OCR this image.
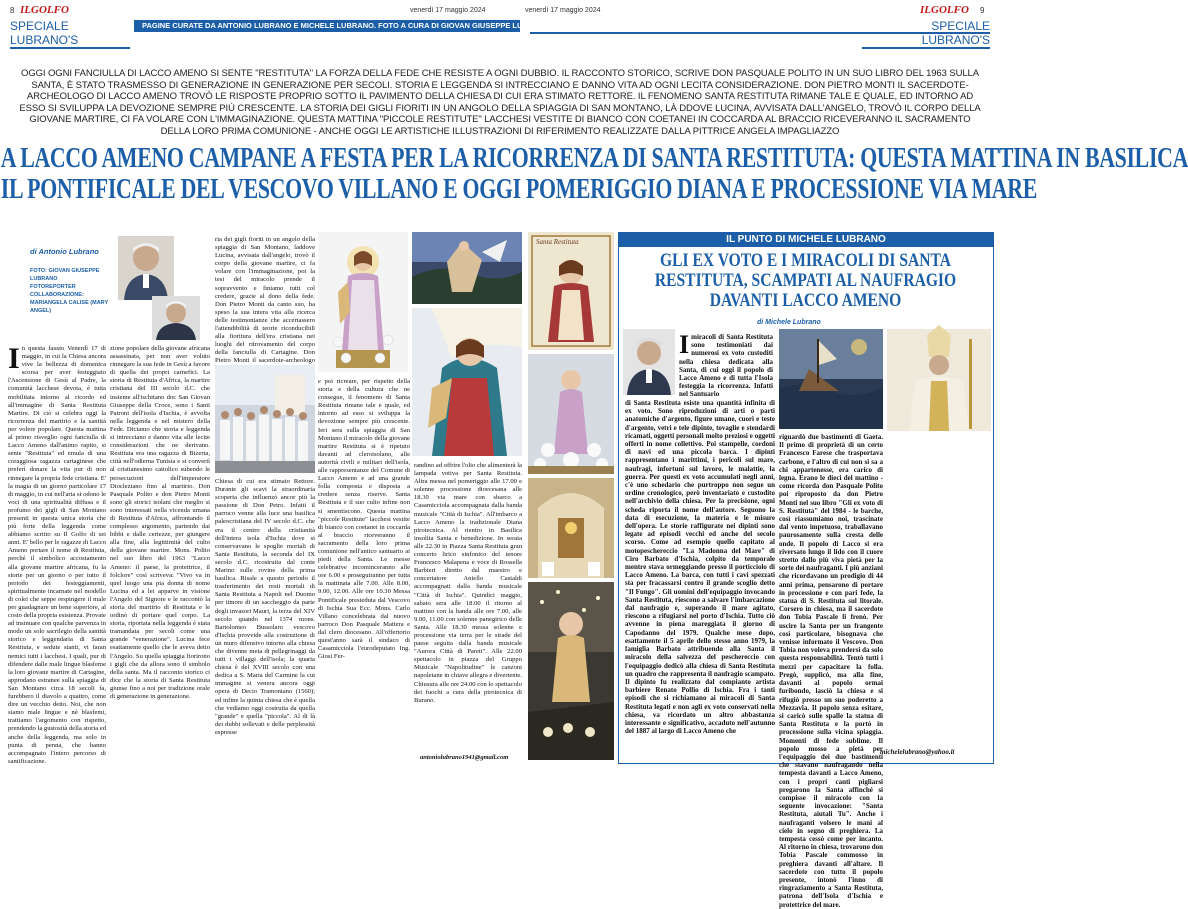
8 ILGOLFO	venerdì 17 maggio 2024
SPECIALE LUBRANO'S
PAGINE CURATE DA ANTONIO LUBRANO E MICHELE LUBRANO. FOTO A CURA DI GIOVAN GIUSEPPE LUBRANO
venerdì 17 maggio 2024	ILGOLFO 9
SPECIALE LUBRANO'S
OGGI OGNI FANCIULLA DI LACCO AMENO SI SENTE "RESTITUTA" LA FORZA DELLA FEDE CHE RESISTE A OGNI DUBBIO. IL RACCONTO STORICO, SCRIVE DON PASQUALE POLITO IN UN SUO LIBRO DEL 1963 SULLA SANTA, È STATO TRASMESSO DI GENERAZIONE IN GENERAZIONE PER SECOLI. STORIA E LEGGENDA SI INTRECCIANO E DANNO VITA AD OGNI LECITA CONSIDERAZIONE. DON PIETRO MONTI IL SACERDOTE-ARCHEOLOGO DI LACCO AMENO TROVÒ LE RISPOSTE PROPRIO SOTTO IL PAVIMENTO DELLA CHIESA DI CUI ERA STIMATO RETTORE. IL FENOMENO SANTA RESTITUTA RIMANE TALE E QUALE, ED INTORNO AD ESSO SI SVILUPPA LA DEVOZIONE SEMPRE PIÙ CRESCENTE. LA STORIA DEI GIGLI FIORITI IN UN ANGOLO DELLA SPIAGGIA DI SAN MONTANO, LÀ DDOVE LUCINA, AVVISATA DALL'ANGELO, TROVÒ IL CORPO DELLA GIOVANE MARTIRE, CI FA VOLARE CON L'IMMAGINAZIONE. QUESTA MATTINA "PICCOLE RESTITUTE" LACCHESI VESTITE DI BIANCO CON COETANEI IN COCCARDA AL BRACCIO RICEVERANNO IL SACRAMENTO DELLA LORO PRIMA COMUNIONE - ANCHE OGGI LE ARTISTICHE ILLUSTRAZIONI DI RIFERIMENTO REALIZZATE DALLA PITTRICE ANGELA IMPAGLIAZZO
A LACCO AMENO CAMPANE A FESTA PER LA RICORRENZA DI SANTA RESTITUTA: QUESTA MATTINA IN BASILICA
IL PONTIFICALE DEL VESCOVO VILLANO E OGGI POMERIGGIO DIANA E PROCESSIONE VIA MARE
di Antonio Lubrano
FOTO: GIOVAN GIUSEPPE LUBRANO
FOTOREPORTER
COLLABORAZIONE:
MARIANGELA CALISE (MARY ANGEL)
In questa fausto Venerdì 17 di maggio, in cui la Chiesa ancora vive la bellezza di domenica scorsa per aver festeggiato l'Ascensione di Gesù al Padre, la comunità lacchese devota, è tutta mobilitata intorno al ricordo ed all'immagine di Santa Restituta Martire. Di ciò si celebra oggi la ricorrenza del martirio e la santità per volere popolare. Questa mattina al primo risveglio ogni fanciulla di Lacco Ameno dall'animo rapito, si sente "Restituta" ed emula di una coraggiosa ragazza cartaginese che preferì donare la vita pur di non rinnegare la propria fede cristiana. E' la magia di un giorno particolare 17 di maggio, in cui nell'aria si odono le voci di una spiritualità diffusa e il profumo dei gigli di San Montano presenti in questa unica storia che più forte della leggenda come abbiamo scritto su Il Golfo di sei anni. E' bello per le ragazze di Lacco Ameno portare il nome di Restituta, perché il simbolico accostamento alla giovane martire africana, fu la storie per un giorno o per tutto il periodo dei festeggiamenti, spiritualmente incarnate nel modello di colei che seppe respingere il male per guadagnare un bene superiore, al costo della propria esistenza. Provate ad insinuare con qualche parvenza in modo un solo sacrilegio della santità storico e leggendaria di Santa Restituta, e sedute stanti, vi faran nemici tutti i lacchesi. I quali, pur di difendere dalle male lingue blasfeme la loro giovane martire di Cartagine, approdano estranee sulla spiaggia di San Montano circa 18 secoli fa, furebbero il diavolo a quattro, come dire un vecchio detto. Noi, che non siamo male lingue e né blasfemi, trattiamo l'argomento con rispetto, prendendo la gustosità della storia ed anche della leggenda, ma solo in punta di penna, che hanno accompagnato l'intero percorso di santificazione.
zione popolare della giovane africana assassinata, per non aver voluto rinnegare la sua fede in Gesù a favore di quella dei propri carnefici. La storia di Restituta d'Africa, la martire cristiana del III secolo d.C. che insieme all'ischitano doc San Giovan Giuseppe della Croce, sono i Santi Patroni dell'isola d'Ischia, è avvolta nella leggenda e nel mistero della Fede. Diciamo che storia e leggenda si intrecciano e danno vita alle lecite considerazioni che ne derivano. Restituta era una ragazza di Bizerta, città nell'odierna Tunisia e si convertì al cristianesimo cattolico subendo le persecuzioni dell'imperatore Diocleziano fino al martirio. Don Pasquale Polito e don Pietro Monti sono gli storici isolani che meglio si sono interessati nella vicenda umana di Restituta d'Africa, affrontando il complesso argomento, partendo dai bibbi e dalle certezze, per giungere alla fine, alla legittimità del culto della giovane martire. Mons. Polito nel suo libro del 1963 "Lacco Ameno: il paese, la protettrice, il folclore" così scriveva: "Vivo va in quel luogo una pia donna di nome Lucina ed a lei apparve in visione l'Angelo del Signore e le raccontò la storia del martirio di Restituta e le ordinò di portare quel corpo. La storia, riportata nella leggenda è stata tramandata per secoli come una grande "venerazione". Lucina fece esattamente quello che le aveva detto l'Angelo. Su quella spiaggia fiorirono i gigli che da allora sono il simbolo della santa. Ma il racconto storico ci dice che la storia di Santa Restituta giunse fino a noi per tradizione orale di generazione in generazione.
ria dei gigli fioriti in un angolo della spiaggia di San Montano, laddove Lucina, avvisata dall'angelo, trovò il corpo della giovane martire, ci fa volare con l'immaginazione, poi la tesi del miracolo prende il sopravvento e finiamo tutti col credere, grazie al dono della fede. Don Pietro Monti da canto suo, ha speso la sua intera vita alla ricerca delle testimonianze che accertassero l'attendibilità di teorie riconducibili alla fioritura dell'era cristiana nei luoghi del ritrovamento del corpo della fanciulla di Cartagine. Don Pietro Monti il sacerdote-archeologo
Chiesa di cui era stimato Rettore. Durante gli scavi la straordinaria scoperta che influenzò ancor più la passione di Don Petro. Infatti il parroco venne alla luce una basilica paleocristiana del IV secolo d.C. che era il centro della cristianità dell'intera isola d'Ischia dove si conservavano le spoglie mortali di Santa Restituta, la seconda del IX secolo d.C. ricostruita dal conte Marino sulle rovine della prima basilica. Risale a questo periodo il trasferimento dei resti mortali di Santa Restituta a Napoli nel Duomo per timore di un saccheggio da parte degli invasori Mauri, la terza del XIV secolo quando nel 1374 mons. Bartolomeo Bussolaro vescovo d'Ischia provvide alla costruzione di un muro difensivo intorno alla chiesa che divenne meta di pellegrinaggi da tutti i villaggi dell'isola; la quarta chiesa è del XVIII secolo con una dedica a S. Maria del Carmine la cui immagine si venera ancora oggi opera di Decio Tramontano (1560); ed infine la quinta chiesa che è quella che vediamo oggi costruita da quella "grande" e quella "piccola". Al di là dei dubbi sollevati e delle perplessità espresse
e poi ricreare, per rispetto della storia e della cultura che ne consegue, il fenomeno di Santa Restituta rimane tale e quale, ed intorno ad esso si sviluppa la devozione sempre più crescente. Ieri sera sulla spiaggia di San Montano il miracolo della giovane martire Restituta si è ripetuto davanti ad cleroisolano, alle autorità civili e militari dell'isola, alle rappresentanze del Comune di Lacco Ameno e ad una grande folla composta e disposta a credere senza riserve. Santa Restituta e il suo culto infine non si smentiscono. Questa mattina "piccole Restitute" lacchesi vestite di bianco con coetanei in coccarda al braccio riceveranno il sacramento della loro prima comunione nell'antico santuario ai piedi della Santa. Le messe celebrative incominceranno alle ore 6.00 e proseguiranno per tutta la mattinata alle 7.00. Alle 8.00, 9.00, 12.00. Alle ore 10.30 Messa Pontificale presieduta dal Vescovo di Ischia Sua Ecc. Mons. Carlo Villano concelebrata dal nuovo parroco Don Pasquale Mattera e dal clero diocesano. All'offertorio quest'anno sarà il sindaco di Casamicciola l'eurodeputato Ing. Giosi Fer-
randino ad offrire l'olio che alimenterà la lampada votiva per Santa Restituta. Altra messa nel pomeriggio alle 17.00 e solenne processione dioecesana alle 18.30 via mare con sbarco a Casamicciola accompagnata dalla banda musicale "Città di Ischia". All'imbarco a Lacco Ameno la tradizionale Diana pirotecnica. Al rientro in Basilica insolita Santa e benedizione. In serata alle 22.30 in Piazza Santa Restituta gran concerto lirico sinfonico del tenore Francesco Malapena e voce di Rossella Barbieri diretto dal maestro e concertatore Aniello Castaldi accompagnati dalla banda musicale "Città di Ischia". Quindici maggio, sabato sera alle 18.00 il ritorno al mattino con la banda alle ore 7.00, alle 9.00, 11.00 con solenne panegirico delle Santa. Alle 18.30 messa solenne e processione via terra per le strade del paese seguita dalla banda musicale "Aurora Città di Pareti". Alle 22.00 spettacolo in piazza del Gruppo Musicale "Napolitudine" le canzoni napoletane in chiave allegra e divertente. Chiusura alle ore 24.00 con lo spettacolo dei fuochi a cura della pirotecnica di Burano.
antoniolubrano1941@gmail.com
Santa Restituta	IL PUNTO DI MICHELE LUBRANO
GLI EX VOTO E I MIRACOLI DI SANTA
RESTITUTA, SCAMPATI AL NAUFRAGIO
DAVANTI LACCO AMENO
di Michele Lubrano
Imiracoli di Santa Restituta sono testimoniati dai numerosi ex voto custoditi nella chiesa dedicata alla Santa, di cui oggi il popolo di Lacco Ameno e di tutta l'Isola festeggia la ricorrenza. Infatti nel Santuario
di Santa Restituta esiste una quantità infinita di ex voto. Sono riproduzioni di arti o parti anatomiche d'argento, figure umane, cuori e teste d'argento, vetri e tele dipinte, tovaglie e stendardi ricamati, oggetti personali molto preziosi e oggetti offerti in nome collettivo. Poi stampelle, cordoni di navi ed una piccola barca. I dipinti rappresentano i marittimi, i pericoli sul mare, naufragi, infortuni sul lavoro, le malattie, la guerra. Per questi ex voto accumulati negli anni, c'è uno schedario che purtroppo non segue un ordine cronologico, però inventariato e custodito nell'archivio della chiesa. Per la precisione, ogni scheda riporta il nome dell'autore. Seguono la data di esecuzione, la materia e le misure dell'opera. Le storie raffigurate nei dipinti sono legate ad episodi vecchi ed anche del secolo scorso. Come ad esempio quello capitato al motopeschereccio "La Madonna del Mare" di Ciro Barbato d'Ischia, colpito da temporale mentre stava ormeggiando presso il porticciolo di Lacco Ameno. La barca, con tutti i cavi spezzati sta per fracassarsi contro il grande scoglio detto "Il Fungo". Gli uomini dell'equipaggio invocando Santa Restituta, riescono a salvare l'imbarcazione dal naufragio e, superando il mare agitato, riescono a rifugiarsi nel porto d'Ischia. Tutto ciò avvenne in piena mareggiata il giorno di Capodanno del 1979. Qualche mese dopo, esattamente il 5 aprile dello stesso anno 1979, la famiglia Barbato attribuendo alla Santa il miracolo della salvezza del peschereccio con l'equipaggio dedicò alla chiesa di Santa Restituta un quadro che rappresenta il naufragio scampato. Il dipinto fu realizzato dal compianto artista barbiere Renato Pollio di Ischia. Fra i tanti episodi che si richiamano ai miracoli di Santa Restituta legati e non agli ex voto conservati nella chiesa, va ricordato un altro abbastanza interessante e significativo, accaduto nell'autunno del 1887 al largo di Lacco Ameno che
riguardò due bastimenti di Gaeta. Il primo di proprietà di un certo Francesco Farese che trasportava carbone, e l'altro di cui non si sa a chi appartenesse, era carico di legna. Erano le dieci del mattino - come ricorda don Pasquale Polito poi riproposto da don Pietro Monti nel suo libro "Gli ex voto di S. Restituta" del 1984 - le barche, così riassumiamo noi, trascinate dal vento impetuoso, traballavano paurosamente sulla cresta delle onde. Il popolo di Lacco si era riversato lungo il lido con il cuore stretto dallo più viva pietà per la sorte dei naufraganti. I più anziani che ricordavano un prodigio di 44 anni prima, pensarono di portare in processione e con pari fede, la statua di S. Restituta sul litorale. Corsero in chiesa, ma il sacerdote don Tobia Pascale li frenò. Per uscire la Santa per un frangente così particolare, bisognava che venisse informato il Vescovo. Don Tobia non voleva prendersi da solo questa responsabilità. Tentò tutti i mezzi per capacitare la folla. Pregò, supplicò, ma alla fine, davanti al popolo ormai furibondo, lasciò la chiesa e si rifugiò presso un suo poderetto a Mezzavia. Il popolo senza esitare, si caricò sulle spalle la statua di Santa Restituta e la portò in processione sulla vicina spiaggia. Momenti di fede sublime. Il popolo mosso a pietà per l'equipaggio dei due bastimenti che stavano naufragando nella tempesta davanti a Lacco Ameno, con i propri canti pigliarsi pregarono la Santa affinché si compisse il miracolo con la seguente invocazione: "Santa Restituta, aiutali Tu". Anche i naufraganti volsero le mani al cielo in segno di preghiera. La tempesta cessò come per incanto. Al ritorno in chiesa, trovarono don Tobia Pascale commosso in preghiera davanti all'altare. Il sacerdote con tutto il popolo presente, intonò l'inno di ringraziamento a Santa Restituta, patrona dell'Isola d'Ischia e protettrice del mare.
michelelubrano@yahoo.it
